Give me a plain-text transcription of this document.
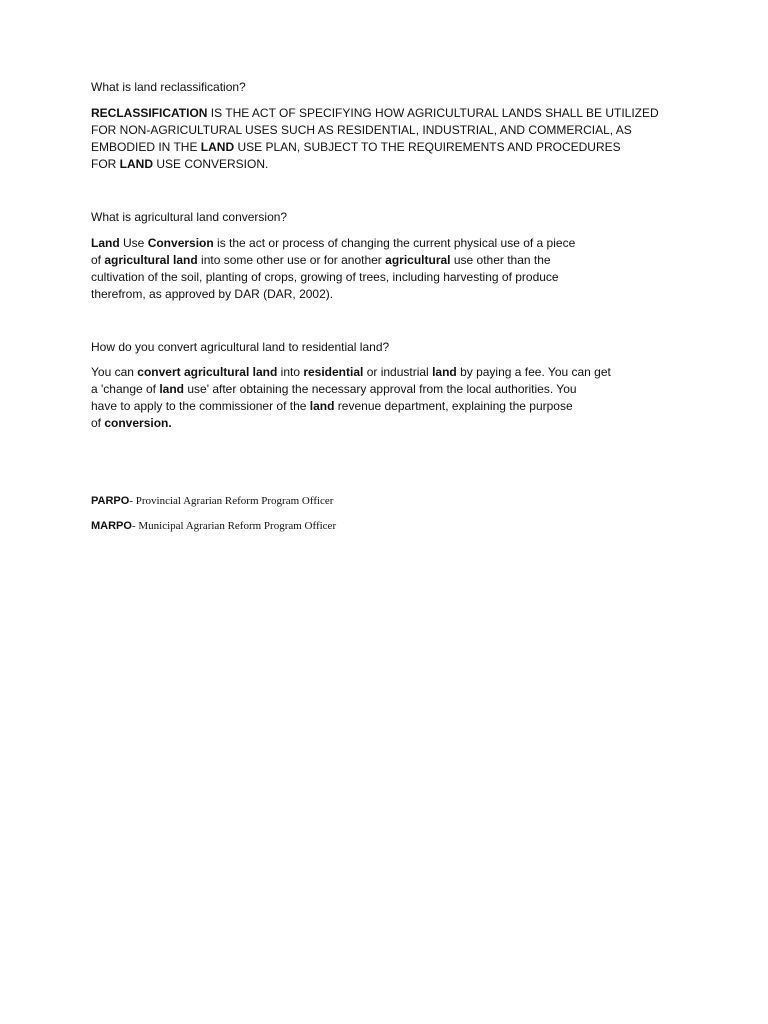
What is land reclassification?

RECLASSIFICATION IS THE ACT OF SPECIFYING HOW AGRICULTURAL LANDS SHALL BE UTILIZED
FOR NON-AGRICULTURAL USES SUCH AS RESIDENTIAL, INDUSTRIAL, AND COMMERCIAL, AS
EMBODIED IN THE LAND USE PLAN, SUBJECT TO THE REQUIREMENTS AND PROCEDURES
FOR LAND USE CONVERSION.

What is agricultural land conversion?

Land Use Conversion is the act or process of changing the current physical use of a piece
of agricultural land into some other use or for another agricultural use other than the
cultivation of the soil, planting of crops, growing of trees, including harvesting of produce
therefrom, as approved by DAR (DAR, 2002).

How do you convert agricultural land to residential land?

You can convert agricultural land into residential or industrial land by paying a fee. You can get
a 'change of land use' after obtaining the necessary approval from the local authorities. You
have to apply to the commissioner of the land revenue department, explaining the purpose
of conversion.

PARPO- Provincial Agrarian Reform Program Officer

MARPO- Municipal Agrarian Reform Program Officer
